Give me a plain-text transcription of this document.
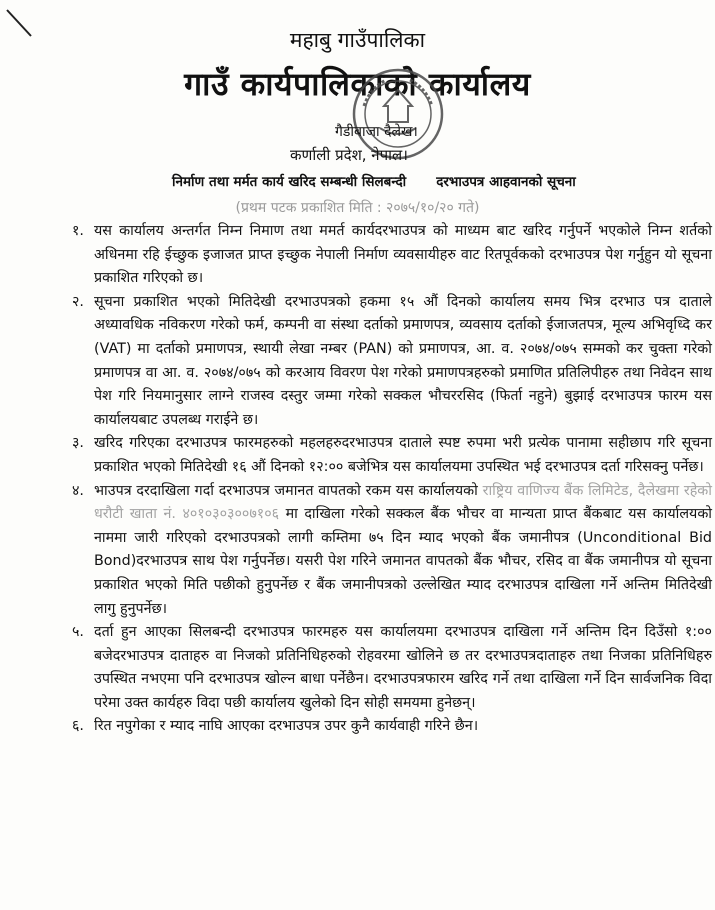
महाबु गाउँपालिका
गाउँ कार्यपालिकाको कार्यालय
गैडीबाजा दैलेख।
कर्णाली प्रदेश, नेपाल।
निर्माण तथा मर्मत कार्य खरिद सम्बन्धी सिलबन्दी दरभाउपत्र आहवानको सूचना
(प्रथम पटक प्रकाशित मिति : २०७५/१०/२० गते)
१. यस कार्यालय अन्तर्गत निम्न निमाण तथा ममर्त कार्यदरभाउपत्र को माध्यम बाट खरिद गर्नुपर्ने भएकोले निम्न शर्तको अधिनमा रहि ईच्छुक इजाजत प्राप्त इच्छुक नेपाली निर्माण व्यवसायीहरु वाट रितपूर्वकको दरभाउपत्र पेश गर्नुहुन यो सूचना प्रकाशित गरिएको छ।
२. सूचना प्रकाशित भएको मितिदेखी दरभाउपत्रको हकमा १५ औं दिनको कार्यालय समय भित्र दरभाउ पत्र दाताले अध्यावधिक नविकरण गरेको फर्म, कम्पनी वा संस्था दर्ताको प्रमाणपत्र, व्यवसाय दर्ताको ईजाजतपत्र, मूल्य अभिवृध्दि कर (VAT) मा दर्ताको प्रमाणपत्र, स्थायी लेखा नम्बर (PAN) को प्रमाणपत्र, आ. व. २०७४/०७५ सम्मको कर चुक्ता गरेको प्रमाणपत्र वा आ. व. २०७४/०७५ को करआय विवरण पेश गरेको प्रमाणपत्रहरुको प्रमाणित प्रतिलिपीहरु तथा निवेदन साथ पेश गरि नियमानुसार लाग्ने राजस्व दस्तुर जम्मा गरेको सक्कल भौचररसिद (फिर्ता नहुने) बुझाई दरभाउपत्र फारम यस कार्यालयबाट उपलब्ध गराईने छ।
३. खरिद गरिएका दरभाउपत्र फारमहरुको महलहरुदरभाउपत्र दाताले स्पष्ट रुपमा भरी प्रत्येक पानामा सहीछाप गरि सूचना प्रकाशित भएको मितिदेखी १६ औं दिनको १२:०० बजेभित्र यस कार्यालयमा उपस्थित भई दरभाउपत्र दर्ता गरिसक्नु पर्नेछ।
४. भाउपत्र दरदाखिला गर्दा दरभाउपत्र जमानत वापतको रकम यस कार्यालयको राष्ट्रिय वाणिज्य बैंक लिमिटेड, दैलेखमा रहेको धरौटी खाता नं. ४०१०३०३००७१०६ मा दाखिला गरेको सक्कल बैंक भौचर वा मान्यता प्राप्त बैंकबाट यस कार्यालयको नाममा जारी गरिएको दरभाउपत्रको लागी कम्तिमा ७५ दिन म्याद भएको बैंक जमानीपत्र (Unconditional Bid Bond)दरभाउपत्र साथ पेश गर्नुपर्नेछ। यसरी पेश गरिने जमानत वापतको बैंक भौचर, रसिद वा बैंक जमानीपत्र यो सूचना प्रकाशित भएको मिति पछीको हुनुपर्नेछ र बैंक जमानीपत्रको उल्लेखित म्याद दरभाउपत्र दाखिला गर्ने अन्तिम मितिदेखी लागु हुनुपर्नेछ।
५. दर्ता हुन आएका सिलबन्दी दरभाउपत्र फारमहरु यस कार्यालयमा दरभाउपत्र दाखिला गर्ने अन्तिम दिन दिउँसो १:०० बजेदरभाउपत्र दाताहरु वा निजको प्रतिनिधिहरुको रोहवरमा खोलिने छ तर दरभाउपत्रदाताहरु तथा निजका प्रतिनिधिहरु उपस्थित नभएमा पनि दरभाउपत्र खोल्न बाधा पर्नेछैन। दरभाउपत्रफारम खरिद गर्ने तथा दाखिला गर्ने दिन सार्वजनिक विदा परेमा उक्त कार्यहरु विदा पछी कार्यालय खुलेको दिन सोही समयमा हुनेछन्।
६. रित नपुगेका र म्याद नाघि आएका दरभाउपत्र उपर कुनै कार्यवाही गरिने छैन।
